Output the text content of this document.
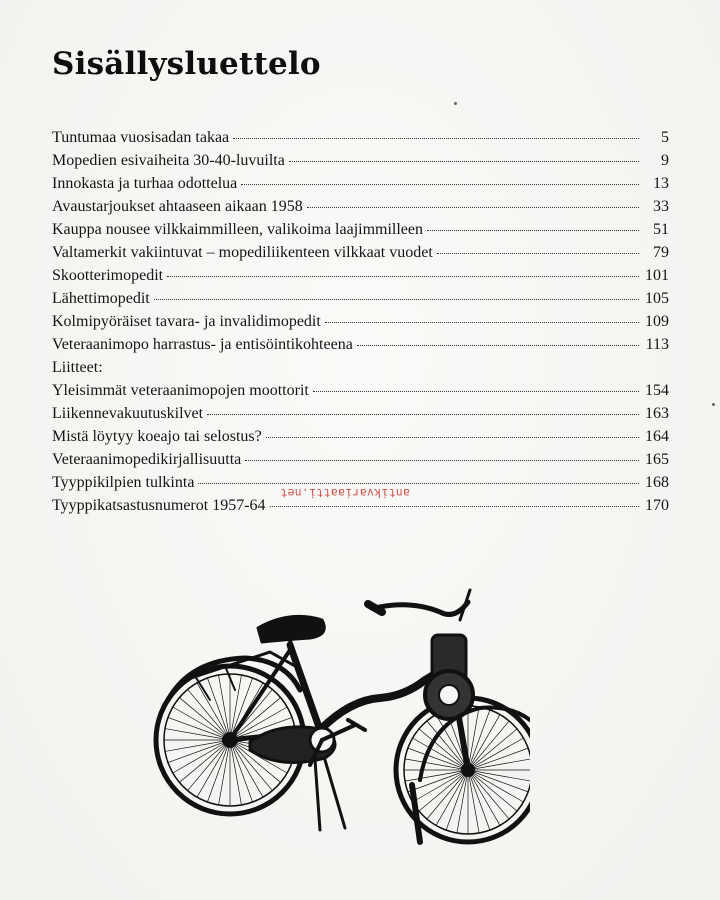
Sisällysluettelo
Tuntumaa vuosisadan takaa	5
Mopedien esivaiheita 30-40-luvuilta	9
Innokasta ja turhaa odottelua	13
Avaustarjoukset ahtaaseen aikaan 1958	33
Kauppa nousee vilkkaimmilleen, valikoima laajimmilleen	51
Valtamerkit vakiintuvat – mopediliikenteen vilkkaat vuodet	79
Skootterimopedit	101
Lähettimopedit	105
Kolmipyöräiset tavara- ja invalidimopedit	109
Veteraanimopo harrastus- ja entisöintikohteena	113
Liitteet:
Yleisimmät veteraanimopojen moottorit	154
Liikennevakuutuskilvet	163
Mistä löytyy koeajo tai selostus?	164
Veteraanimopedikirjallisuutta	165
Tyyppikilpien tulkinta	168
Tyyppikatsastusnumerot 1957-64	170
antikvariaatti.net
